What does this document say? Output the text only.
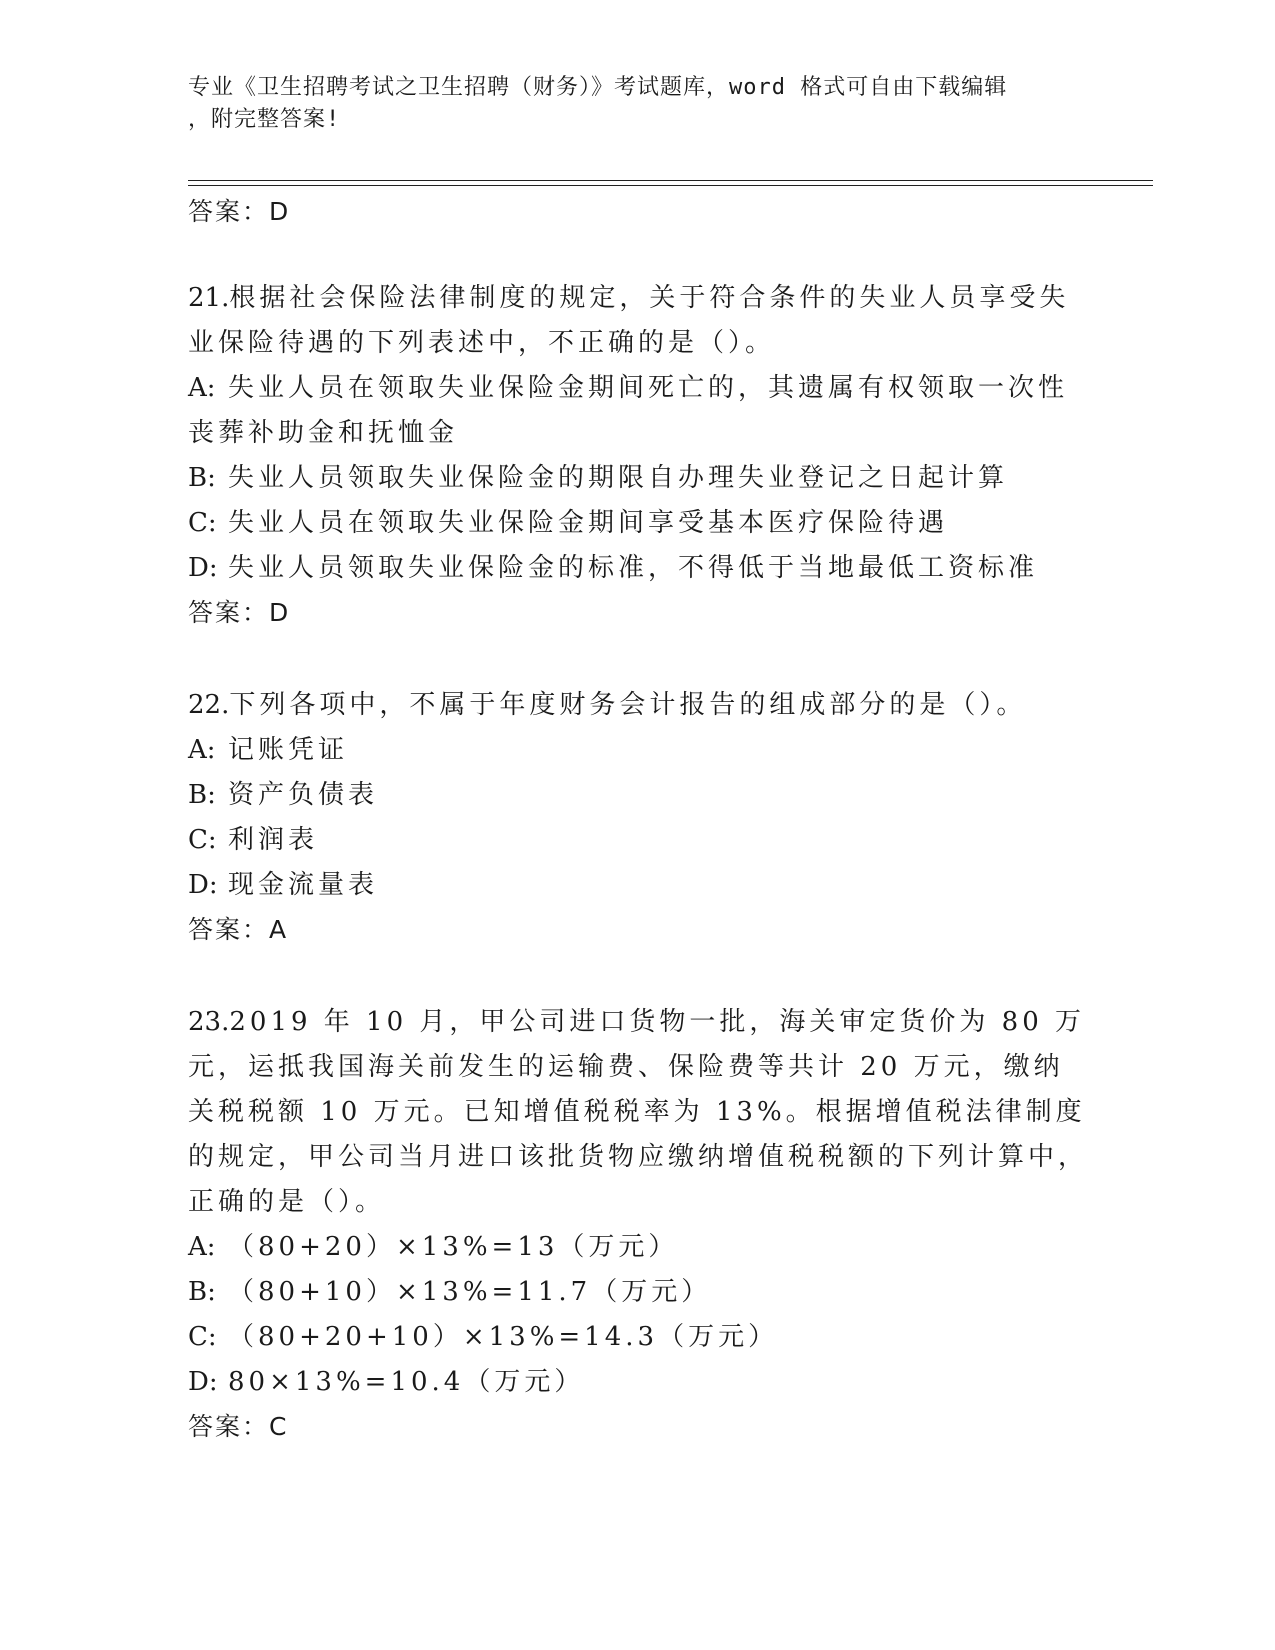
专业《卫生招聘考试之卫生招聘（财务）》考试题库，word 格式可自由下载编辑
，附完整答案!

答案：D

21.根据社会保险法律制度的规定，关于符合条件的失业人员享受失业保险待遇的下列表述中，不正确的是（）。

A: 失业人员在领取失业保险金期间死亡的，其遗属有权领取一次性丧葬补助金和抚恤金

B: 失业人员领取失业保险金的期限自办理失业登记之日起计算

C: 失业人员在领取失业保险金期间享受基本医疗保险待遇

D: 失业人员领取失业保险金的标准，不得低于当地最低工资标准

答案：D

22.下列各项中，不属于年度财务会计报告的组成部分的是（）。

A: 记账凭证

B: 资产负债表

C: 利润表

D: 现金流量表

答案：A

23.2019 年 10 月，甲公司进口货物一批，海关审定货价为 80 万元，运抵我国海关前发生的运输费、保险费等共计 20 万元，缴纳关税税额 10 万元。已知增值税税率为 13%。根据增值税法律制度的规定，甲公司当月进口该批货物应缴纳增值税税额的下列计算中，正确的是（）。

A: （80+20）×13%=13（万元）

B: （80+10）×13%=11.7（万元）

C: （80+20+10）×13%=14.3（万元）

D: 80×13%=10.4（万元）

答案：C
